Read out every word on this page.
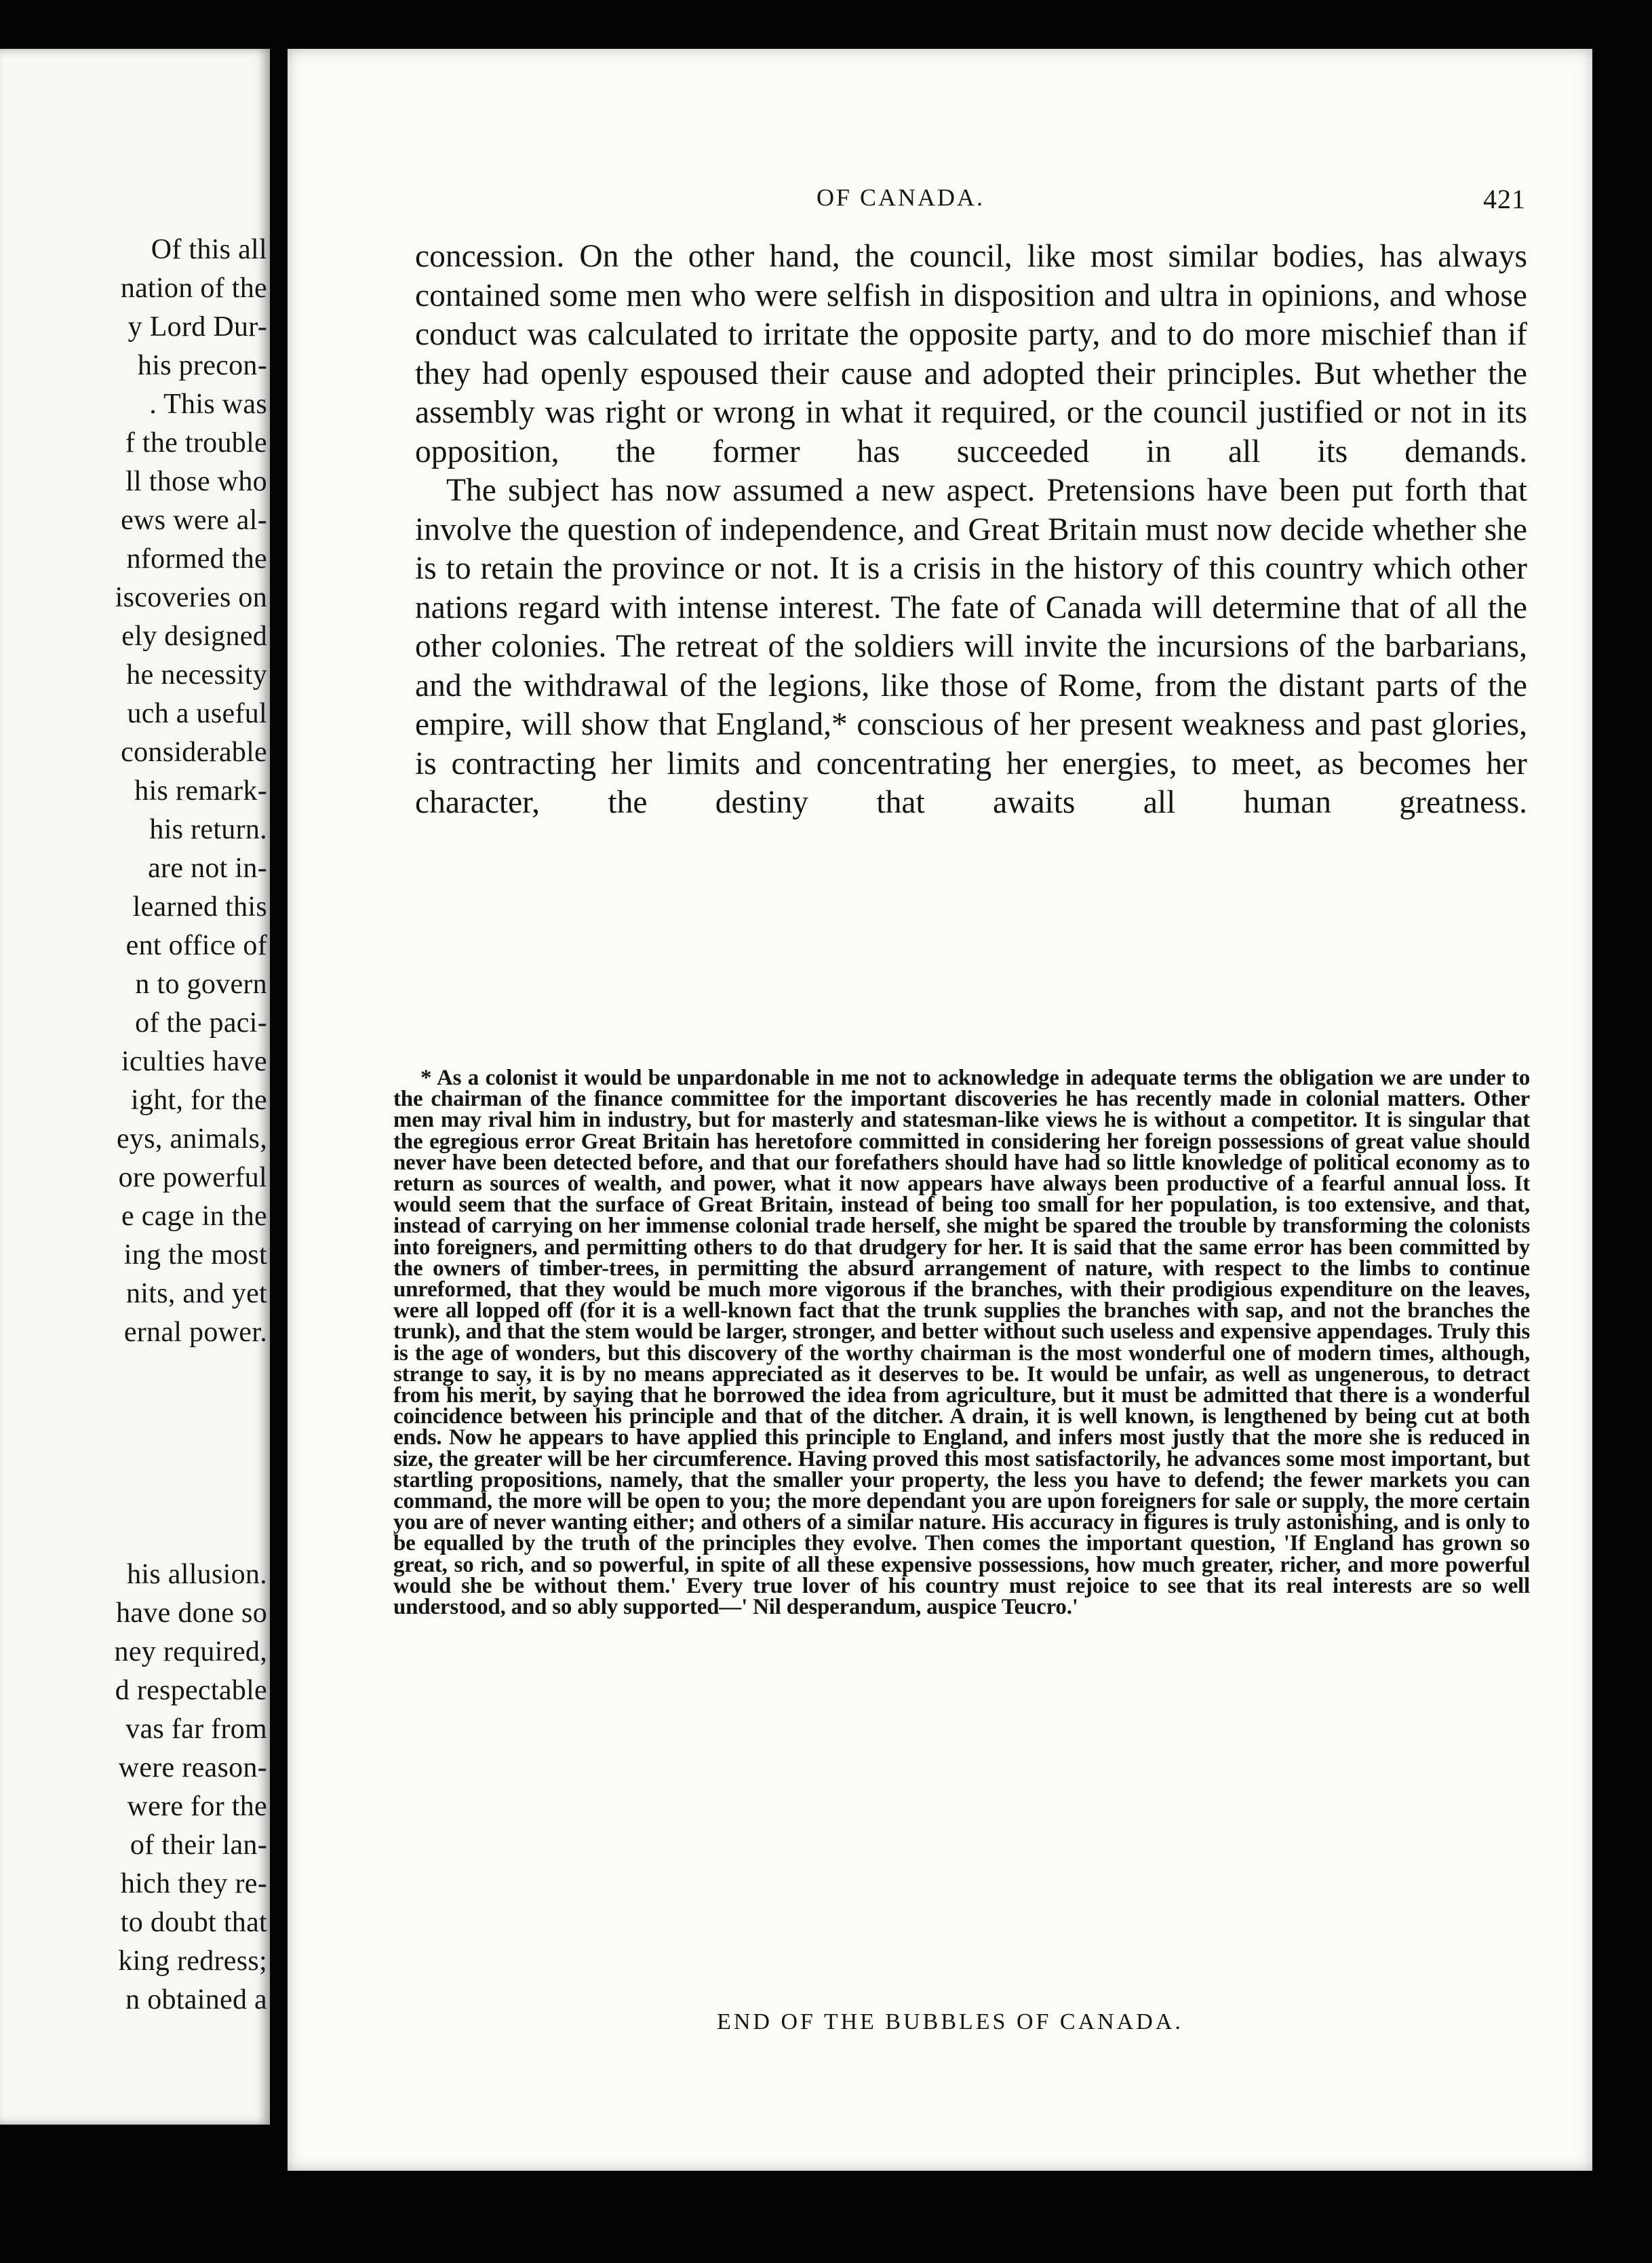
Of this all
nation of the
y Lord Dur-
his precon-
. This was
f the trouble
ll those who
ews were al-
nformed the
iscoveries on
ely designed
he necessity
uch a useful
considerable
his remark-
his return.
are not in-
learned this
ent office of
n to govern
of the paci-
iculties have
ight, for the
eys, animals,
ore powerful
e cage in the
ing the most
nits, and yet
ernal power.
his allusion.
have done so
ney required,
d respectable
vas far from
were reason-
were for the
of their lan-
hich they re-
to doubt that
king redress;
n obtained a
OF CANADA.	421

concession. On the other hand, the council, like most similar bodies, has always contained some men who were selfish in disposition and ultra in opinions, and whose conduct was calculated to irritate the opposite party, and to do more mischief than if they had openly espoused their cause and adopted their principles. But whether the assembly was right or wrong in what it required, or the council justified or not in its opposition, the former has succeeded in all its demands.

The subject has now assumed a new aspect. Pretensions have been put forth that involve the question of independence, and Great Britain must now decide whether she is to retain the province or not. It is a crisis in the history of this country which other nations regard with intense interest. The fate of Canada will determine that of all the other colonies. The retreat of the soldiers will invite the incursions of the barbarians, and the withdrawal of the legions, like those of Rome, from the distant parts of the empire, will show that England,* conscious of her present weakness and past glories, is contracting her limits and concentrating her energies, to meet, as becomes her character, the destiny that awaits all human greatness.

* As a colonist it would be unpardonable in me not to acknowledge in adequate terms the obligation we are under to the chairman of the finance committee for the important discoveries he has recently made in colonial matters. Other men may rival him in industry, but for masterly and statesman-like views he is without a competitor. It is singular that the egregious error Great Britain has heretofore committed in considering her foreign possessions of great value should never have been detected before, and that our forefathers should have had so little knowledge of political economy as to return as sources of wealth, and power, what it now appears have always been productive of a fearful annual loss. It would seem that the surface of Great Britain, instead of being too small for her population, is too extensive, and that, instead of carrying on her immense colonial trade herself, she might be spared the trouble by transforming the colonists into foreigners, and permitting others to do that drudgery for her. It is said that the same error has been committed by the owners of timber-trees, in permitting the absurd arrangement of nature, with respect to the limbs to continue unreformed, that they would be much more vigorous if the branches, with their prodigious expenditure on the leaves, were all lopped off (for it is a well-known fact that the trunk supplies the branches with sap, and not the branches the trunk), and that the stem would be larger, stronger, and better without such useless and expensive appendages. Truly this is the age of wonders, but this discovery of the worthy chairman is the most wonderful one of modern times, although, strange to say, it is by no means appreciated as it deserves to be. It would be unfair, as well as ungenerous, to detract from his merit, by saying that he borrowed the idea from agriculture, but it must be admitted that there is a wonderful coincidence between his principle and that of the ditcher. A drain, it is well known, is lengthened by being cut at both ends. Now he appears to have applied this principle to England, and infers most justly that the more she is reduced in size, the greater will be her circumference. Having proved this most satisfactorily, he advances some most important, but startling propositions, namely, that the smaller your property, the less you have to defend; the fewer markets you can command, the more will be open to you; the more dependant you are upon foreigners for sale or supply, the more certain you are of never wanting either; and others of a similar nature. His accuracy in figures is truly astonishing, and is only to be equalled by the truth of the principles they evolve. Then comes the important question, 'If England has grown so great, so rich, and so powerful, in spite of all these expensive possessions, how much greater, richer, and more powerful would she be without them.' Every true lover of his country must rejoice to see that its real interests are so well understood, and so ably supported—' Nil desperandum, auspice Teucro.'

END OF THE BUBBLES OF CANADA.
